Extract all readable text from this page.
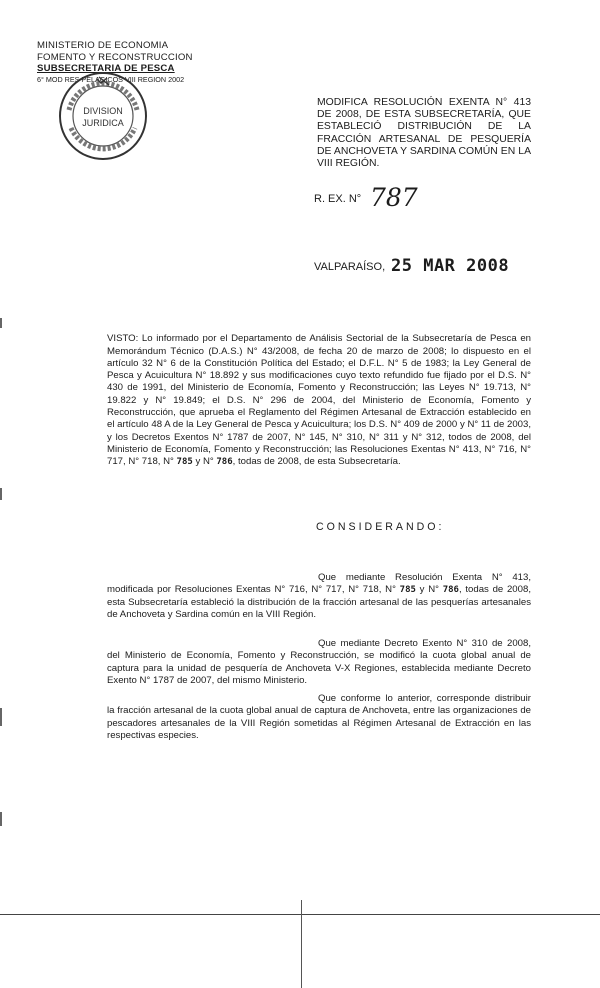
MINISTERIO DE ECONOMIA
FOMENTO Y RECONSTRUCCION
SUBSECRETARIA DE PESCA
6° MOD RES PELAGICOS VIII REGION 2002
DIVISION
JURIDICA
MODIFICA RESOLUCIÓN EXENTA N° 413 DE 2008, DE ESTA SUBSECRETARÍA, QUE ESTABLECIÓ DISTRIBUCIÓN DE LA FRACCIÓN ARTESANAL DE PESQUERÍA DE ANCHOVETA Y SARDINA COMÚN EN LA VIII REGIÓN.
R. EX. N° 787
VALPARAÍSO, 25 MAR 2008
VISTO: Lo informado por el Departamento de Análisis Sectorial de la Subsecretaría de Pesca en Memorándum Técnico (D.A.S.) N° 43/2008, de fecha 20 de marzo de 2008; lo dispuesto en el artículo 32 N° 6 de la Constitución Política del Estado; el D.F.L. N° 5 de 1983; la Ley General de Pesca y Acuicultura N° 18.892 y sus modificaciones cuyo texto refundido fue fijado por el D.S. N° 430 de 1991, del Ministerio de Economía, Fomento y Reconstrucción; las Leyes N° 19.713, N° 19.822 y N° 19.849; el D.S. N° 296 de 2004, del Ministerio de Economía, Fomento y Reconstrucción, que aprueba el Reglamento del Régimen Artesanal de Extracción establecido en el artículo 48 A de la Ley General de Pesca y Acuicultura; los D.S. N° 409 de 2000 y N° 11 de 2003, y los Decretos Exentos N° 1787 de 2007, N° 145, N° 310, N° 311 y N° 312, todos de 2008, del Ministerio de Economía, Fomento y Reconstrucción; las Resoluciones Exentas N° 413, N° 716, N° 717, N° 718, N° 785 y N° 786, todas de 2008, de esta Subsecretaría.
CONSIDERANDO:
Que mediante Resolución Exenta N° 413, modificada por Resoluciones Exentas N° 716, N° 717, N° 718, N° 785 y N° 786, todas de 2008, esta Subsecretaría estableció la distribución de la fracción artesanal de las pesquerías artesanales de Anchoveta y Sardina común en la VIII Región.
Que mediante Decreto Exento N° 310 de 2008, del Ministerio de Economía, Fomento y Reconstrucción, se modificó la cuota global anual de captura para la unidad de pesquería de Anchoveta V-X Regiones, establecida mediante Decreto Exento N° 1787 de 2007, del mismo Ministerio.
Que conforme lo anterior, corresponde distribuir la fracción artesanal de la cuota global anual de captura de Anchoveta, entre las organizaciones de pescadores artesanales de la VIII Región sometidas al Régimen Artesanal de Extracción en las respectivas especies.
